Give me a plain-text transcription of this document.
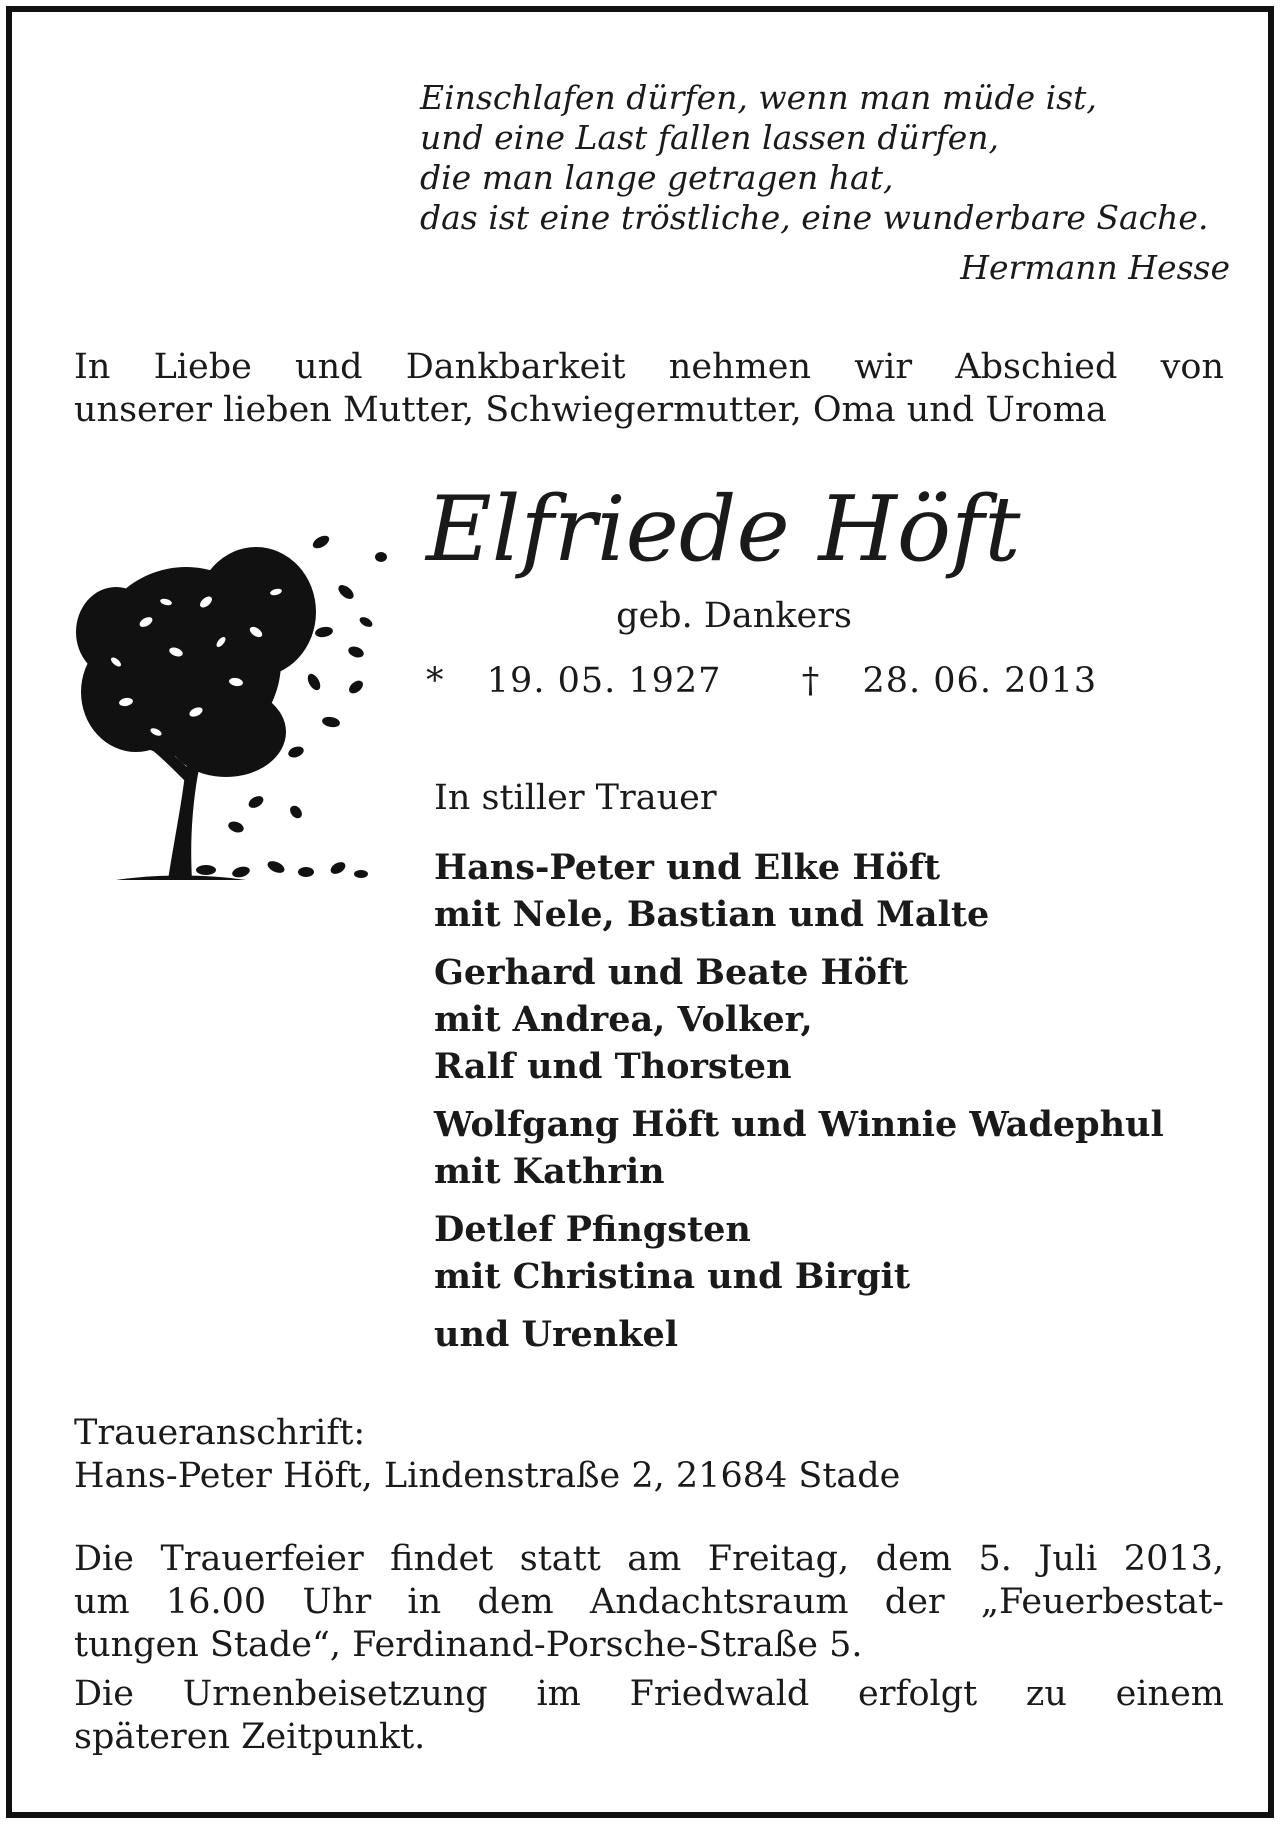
Einschlafen dürfen, wenn man müde ist,
und eine Last fallen lassen dürfen,
die man lange getragen hat,
das ist eine tröstliche, eine wunderbare Sache.
Hermann Hesse
In Liebe und Dankbarkeit nehmen wir Abschied von
unserer lieben Mutter, Schwiegermutter, Oma und Uroma
Elfriede Höft
geb. Dankers
* 19. 05. 1927 † 28. 06. 2013
In stiller Trauer
Hans-Peter und Elke Höft
mit Nele, Bastian und Malte
Gerhard und Beate Höft
mit Andrea, Volker,
Ralf und Thorsten
Wolfgang Höft und Winnie Wadephul
mit Kathrin
Detlef Pfingsten
mit Christina und Birgit
und Urenkel
Traueranschrift:
Hans-Peter Höft, Lindenstraße 2, 21684 Stade
Die Trauerfeier findet statt am Freitag, dem 5. Juli 2013,
um 16.00 Uhr in dem Andachtsraum der „Feuerbestat-
tungen Stade“, Ferdinand-Porsche-Straße 5.
Die Urnenbeisetzung im Friedwald erfolgt zu einem
späteren Zeitpunkt.
